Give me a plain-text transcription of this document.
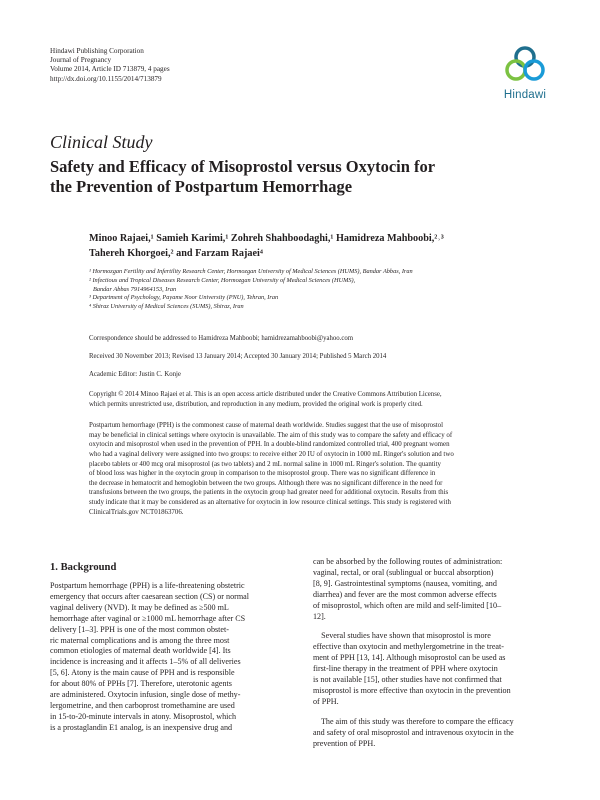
Hindawi Publishing Corporation
Journal of Pregnancy
Volume 2014, Article ID 713879, 4 pages
http://dx.doi.org/10.1155/2014/713879
Hindawi
Clinical Study
Safety and Efficacy of Misoprostol versus Oxytocin for
the Prevention of Postpartum Hemorrhage
Minoo Rajaei,¹ Samieh Karimi,¹ Zohreh Shahboodaghi,¹ Hamidreza Mahboobi,²˒³
Tahereh Khorgoei,² and Farzam Rajaei⁴
¹ Hormozgan Fertility and Infertility Research Center, Hormozgan University of Medical Sciences (HUMS), Bandar Abbas, Iran
² Infectious and Tropical Diseases Research Center, Hormozgan University of Medical Sciences (HUMS),
Bandar Abbas 7914964153, Iran
³ Department of Psychology, Payame Noor University (PNU), Tehran, Iran
⁴ Shiraz University of Medical Sciences (SUMS), Shiraz, Iran
Correspondence should be addressed to Hamidreza Mahboobi; hamidrezamahboobi@yahoo.com
Received 30 November 2013; Revised 13 January 2014; Accepted 30 January 2014; Published 5 March 2014
Academic Editor: Justin C. Konje
Copyright © 2014 Minoo Rajaei et al. This is an open access article distributed under the Creative Commons Attribution License,
which permits unrestricted use, distribution, and reproduction in any medium, provided the original work is properly cited.
Postpartum hemorrhage (PPH) is the commonest cause of maternal death worldwide. Studies suggest that the use of misoprostol
may be beneficial in clinical settings where oxytocin is unavailable. The aim of this study was to compare the safety and efficacy of
oxytocin and misoprostol when used in the prevention of PPH. In a double-blind randomized controlled trial, 400 pregnant women
who had a vaginal delivery were assigned into two groups: to receive either 20 IU of oxytocin in 1000 mL Ringer's solution and two
placebo tablets or 400 mcg oral misoprostol (as two tablets) and 2 mL normal saline in 1000 mL Ringer's solution. The quantity
of blood loss was higher in the oxytocin group in comparison to the misoprostol group. There was no significant difference in
the decrease in hematocrit and hemoglobin between the two groups. Although there was no significant difference in the need for
transfusions between the two groups, the patients in the oxytocin group had greater need for additional oxytocin. Results from this
study indicate that it may be considered as an alternative for oxytocin in low resource clinical settings. This study is registered with
ClinicalTrials.gov NCT01863706.
1. Background
Postpartum hemorrhage (PPH) is a life-threatening obstetric
emergency that occurs after caesarean section (CS) or normal
vaginal delivery (NVD). It may be defined as ≥500 mL
hemorrhage after vaginal or ≥1000 mL hemorrhage after CS
delivery [1–3]. PPH is one of the most common obstet-
ric maternal complications and is among the three most
common etiologies of maternal death worldwide [4]. Its
incidence is increasing and it affects 1–5% of all deliveries
[5, 6]. Atony is the main cause of PPH and is responsible
for about 80% of PPHs [7]. Therefore, uterotonic agents
are administered. Oxytocin infusion, single dose of methy-
lergometrine, and then carboprost tromethamine are used
in 15-to-20-minute intervals in atony. Misoprostol, which
is a prostaglandin E1 analog, is an inexpensive drug and
can be absorbed by the following routes of administration:
vaginal, rectal, or oral (sublingual or buccal absorption)
[8, 9]. Gastrointestinal symptoms (nausea, vomiting, and
diarrhea) and fever are the most common adverse effects
of misoprostol, which often are mild and self-limited [10–
12].
Several studies have shown that misoprostol is more
effective than oxytocin and methylergometrine in the treat-
ment of PPH [13, 14]. Although misoprostol can be used as
first-line therapy in the treatment of PPH where oxytocin
is not available [15], other studies have not confirmed that
misoprostol is more effective than oxytocin in the prevention
of PPH.
The aim of this study was therefore to compare the efficacy
and safety of oral misoprostol and intravenous oxytocin in the
prevention of PPH.
